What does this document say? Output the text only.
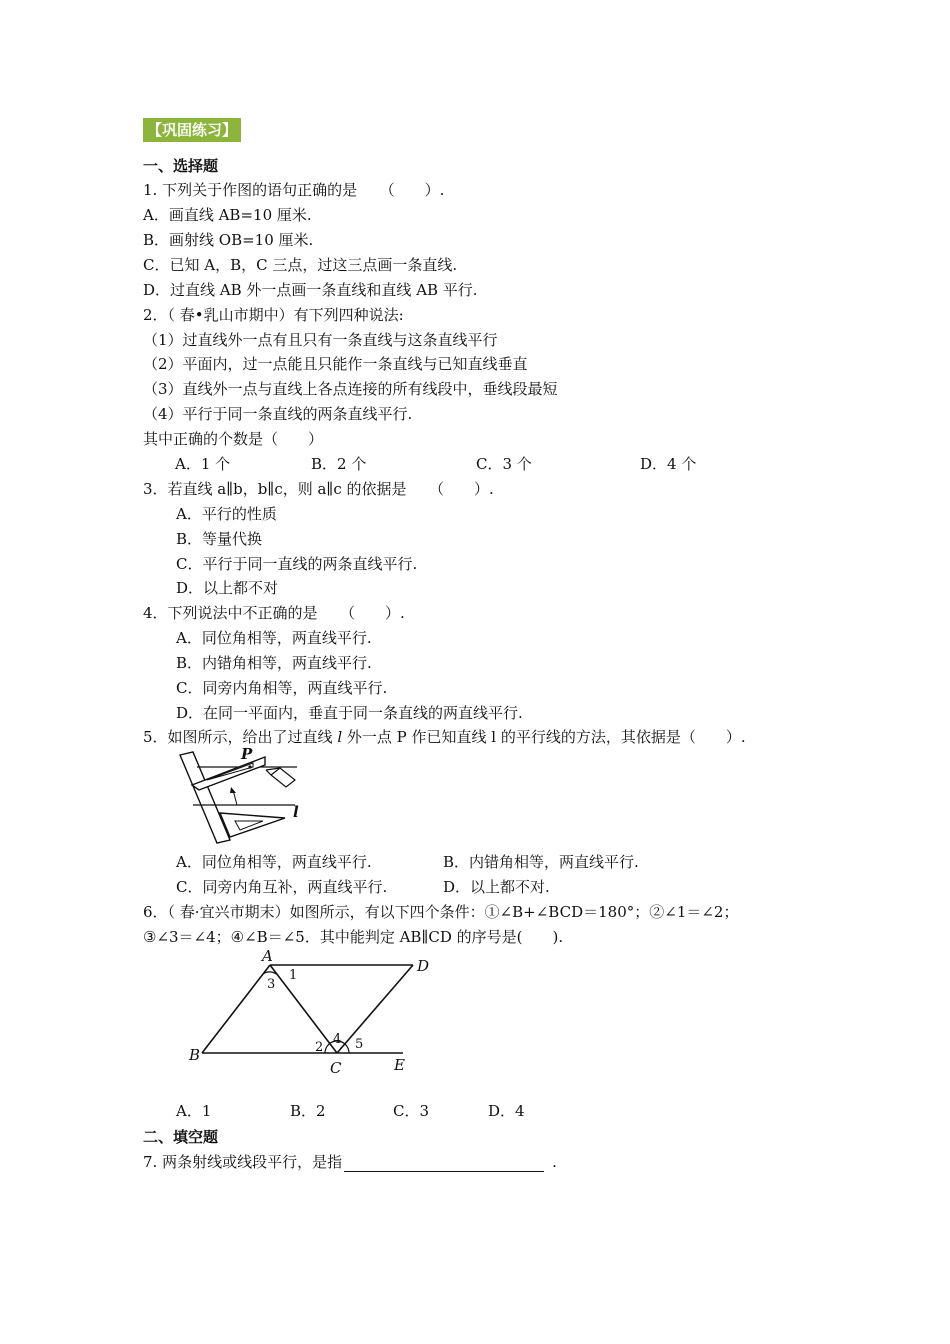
【巩固练习】
一、选择题
1. 下列关于作图的语句正确的是　　（　　）.
A．画直线 AB=10 厘米.
B．画射线 OB=10 厘米.
C．已知 A，B，C 三点，过这三点画一条直线.
D．过直线 AB 外一点画一条直线和直线 AB 平行.
2．（ 春•乳山市期中）有下列四种说法:
（1）过直线外一点有且只有一条直线与这条直线平行
（2）平面内，过一点能且只能作一条直线与已知直线垂直
（3）直线外一点与直线上各点连接的所有线段中，垂线段最短
（4）平行于同一条直线的两条直线平行.
其中正确的个数是（　　）
A．1 个	B．2 个	C．3 个	D．4 个
3．若直线 a∥b，b∥c，则 a∥c 的依据是　　（　　）.
A．平行的性质
B．等量代换
C．平行于同一直线的两条直线平行.
D．以上都不对
4．下列说法中不正确的是　　（　　）.
A．同位角相等，两直线平行.
B．内错角相等，两直线平行.
C．同旁内角相等，两直线平行.
D．在同一平面内，垂直于同一条直线的两直线平行.
5．如图所示，给出了过直线 l 外一点 P 作已知直线 l 的平行线的方法，其依据是（　　）.
P
l
A．同位角相等，两直线平行.	B．内错角相等，两直线平行.
C．同旁内角互补，两直线平行.	D．以上都不对.
6．（ 春·宜兴市期末）如图所示，有以下四个条件：①∠B+∠BCD＝180°；②∠1＝∠2；
③∠3＝∠4；④∠B＝∠5．其中能判定 AB∥CD 的序号是(　　).
A
D
B
C	E
1
2
3
4 5
A．1	B．2	C．3	D．4
二、填空题
7. 两条射线或线段平行，是指	.
